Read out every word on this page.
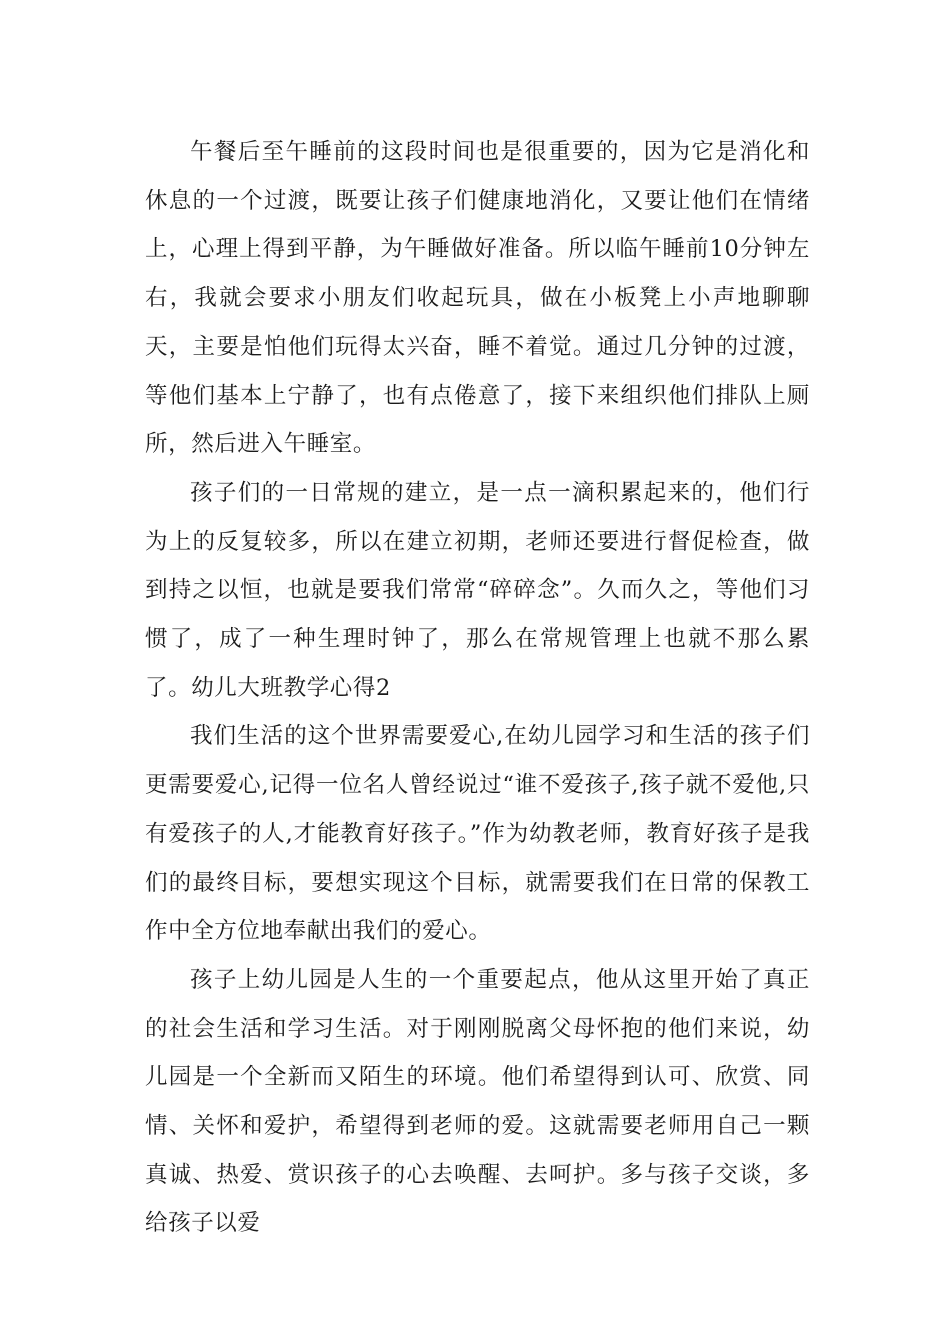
午餐后至午睡前的这段时间也是很重要的，因为它是消化和休息的一个过渡，既要让孩子们健康地消化，又要让他们在情绪上，心理上得到平静，为午睡做好准备。所以临午睡前10分钟左右，我就会要求小朋友们收起玩具，做在小板凳上小声地聊聊天，主要是怕他们玩得太兴奋，睡不着觉。通过几分钟的过渡，等他们基本上宁静了，也有点倦意了，接下来组织他们排队上厕所，然后进入午睡室。

孩子们的一日常规的建立，是一点一滴积累起来的，他们行为上的反复较多，所以在建立初期，老师还要进行督促检查，做到持之以恒，也就是要我们常常“碎碎念”。久而久之，等他们习惯了，成了一种生理时钟了，那么在常规管理上也就不那么累了。幼儿大班教学心得2

我们生活的这个世界需要爱心,在幼儿园学习和生活的孩子们更需要爱心,记得一位名人曾经说过“谁不爱孩子,孩子就不爱他,只有爱孩子的人,才能教育好孩子。”作为幼教老师，教育好孩子是我们的最终目标，要想实现这个目标，就需要我们在日常的保教工作中全方位地奉献出我们的爱心。

孩子上幼儿园是人生的一个重要起点，他从这里开始了真正的社会生活和学习生活。对于刚刚脱离父母怀抱的他们来说，幼儿园是一个全新而又陌生的环境。他们希望得到认可、欣赏、同情、关怀和爱护，希望得到老师的爱。这就需要老师用自己一颗真诚、热爱、赏识孩子的心去唤醒、去呵护。多与孩子交谈，多给孩子以爱
